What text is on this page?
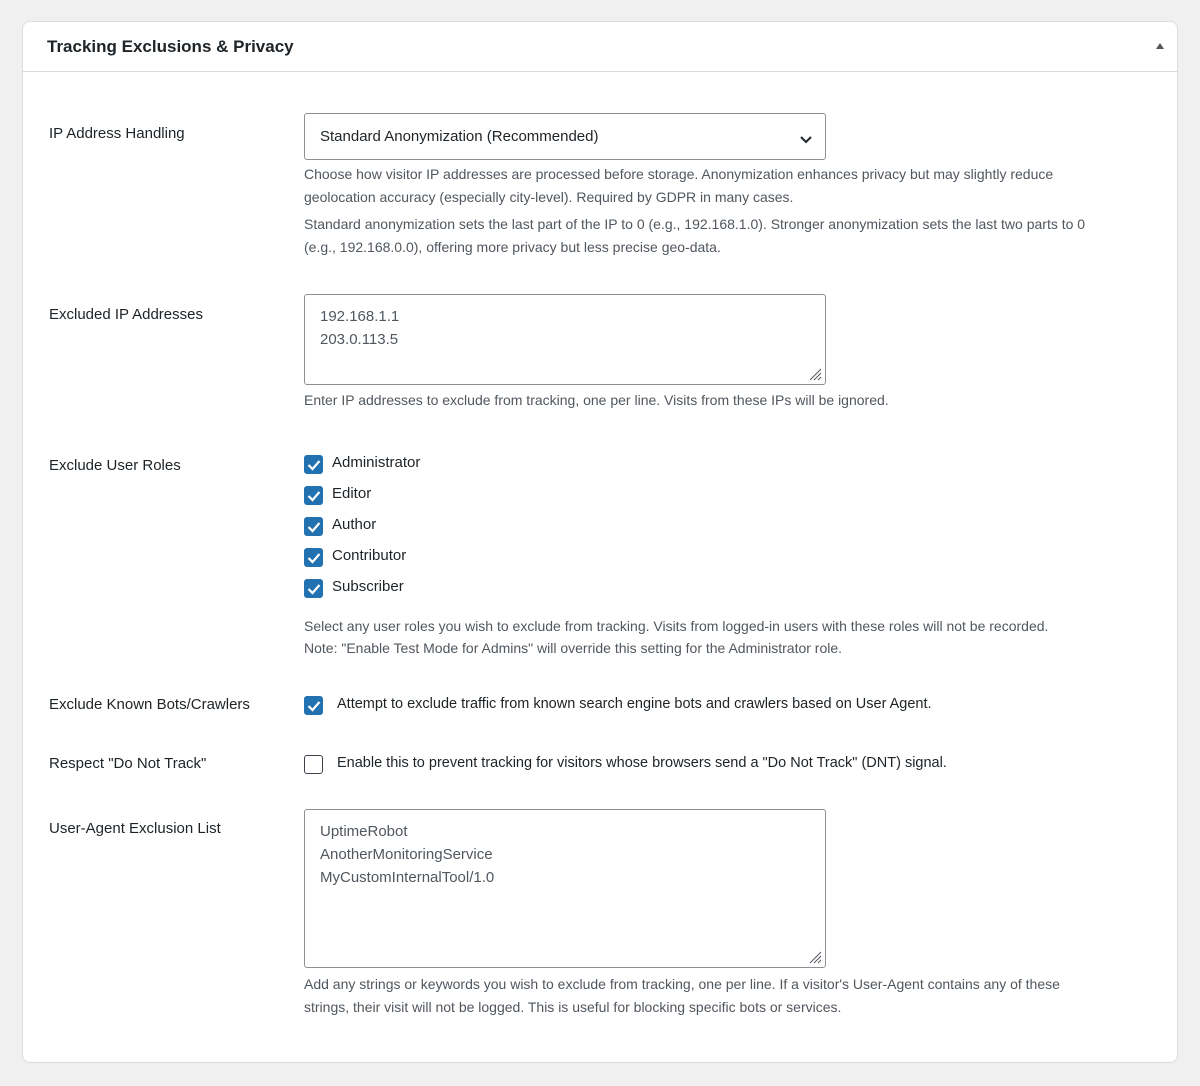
Tracking Exclusions & Privacy
IP Address Handling	Standard Anonymization (Recommended)

Choose how visitor IP addresses are processed before storage. Anonymization enhances privacy but may slightly reduce

geolocation accuracy (especially city-level). Required by GDPR in many cases.

Standard anonymization sets the last part of the IP to 0 (e.g., 192.168.1.0). Stronger anonymization sets the last two parts to 0

(e.g., 192.168.0.0), offering more privacy but less precise geo-data.

Excluded IP Addresses	192.168.1.1
203.0.113.5

Enter IP addresses to exclude from tracking, one per line. Visits from these IPs will be ignored.

Exclude User Roles	Administrator
Editor
Author
Contributor
Subscriber

Select any user roles you wish to exclude from tracking. Visits from logged-in users with these roles will not be recorded.

Note: "Enable Test Mode for Admins" will override this setting for the Administrator role.

Exclude Known Bots/Crawlers	Attempt to exclude traffic from known search engine bots and crawlers based on User Agent.
Respect "Do Not Track"	Enable this to prevent tracking for visitors whose browsers send a "Do Not Track" (DNT) signal.
User-Agent Exclusion List	UptimeRobot
AnotherMonitoringService
MyCustomInternalTool/1.0

Add any strings or keywords you wish to exclude from tracking, one per line. If a visitor's User-Agent contains any of these

strings, their visit will not be logged. This is useful for blocking specific bots or services.
